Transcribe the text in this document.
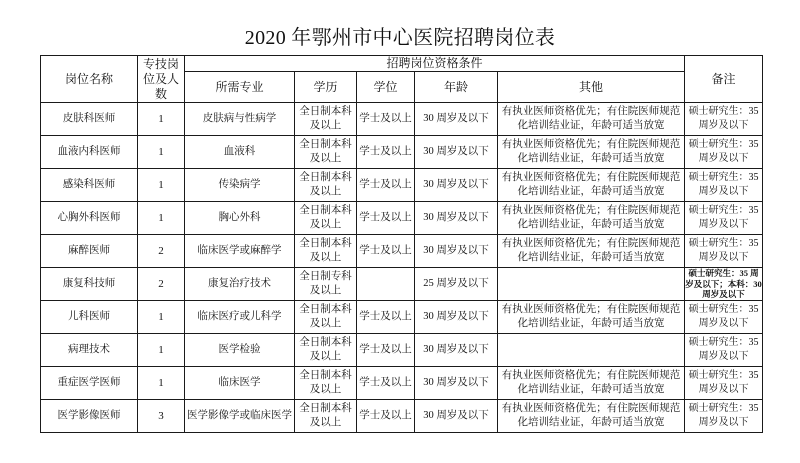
2020 年鄂州市中心医院招聘岗位表
岗位名称	专技岗位及人数	招聘岗位资格条件					备注
		所需专业	学历	学位	年龄	其他	
皮肤科医师	1	皮肤病与性病学	全日制本科及以上	学士及以上	30 周岁及以下	有执业医师资格优先；有住院医师规范化培训结业证，年龄可适当放宽	硕士研究生：35 周岁及以下
血液内科医师	1	血液科	全日制本科及以上	学士及以上	30 周岁及以下	有执业医师资格优先；有住院医师规范化培训结业证，年龄可适当放宽	硕士研究生：35 周岁及以下
感染科医师	1	传染病学	全日制本科及以上	学士及以上	30 周岁及以下	有执业医师资格优先；有住院医师规范化培训结业证，年龄可适当放宽	硕士研究生：35 周岁及以下
心胸外科医师	1	胸心外科	全日制本科及以上	学士及以上	30 周岁及以下	有执业医师资格优先；有住院医师规范化培训结业证，年龄可适当放宽	硕士研究生：35 周岁及以下
麻醉医师	2	临床医学或麻醉学	全日制本科及以上	学士及以上	30 周岁及以下	有执业医师资格优先；有住院医师规范化培训结业证，年龄可适当放宽	硕士研究生：35 周岁及以下
康复科技师	2	康复治疗技术	全日制专科及以上		25 周岁及以下		硕士研究生：35 周岁及以下；本科：30 周岁及以下
儿科医师	1	临床医疗或儿科学	全日制本科及以上	学士及以上	30 周岁及以下	有执业医师资格优先；有住院医师规范化培训结业证，年龄可适当放宽	硕士研究生：35 周岁及以下
病理技术	1	医学检验	全日制本科及以上	学士及以上	30 周岁及以下		硕士研究生：35 周岁及以下
重症医学医师	1	临床医学	全日制本科及以上	学士及以上	30 周岁及以下	有执业医师资格优先；有住院医师规范化培训结业证，年龄可适当放宽	硕士研究生：35 周岁及以下
医学影像医师	3	医学影像学或临床医学	全日制本科及以上	学士及以上	30 周岁及以下	有执业医师资格优先；有住院医师规范化培训结业证，年龄可适当放宽	硕士研究生：35 周岁及以下
